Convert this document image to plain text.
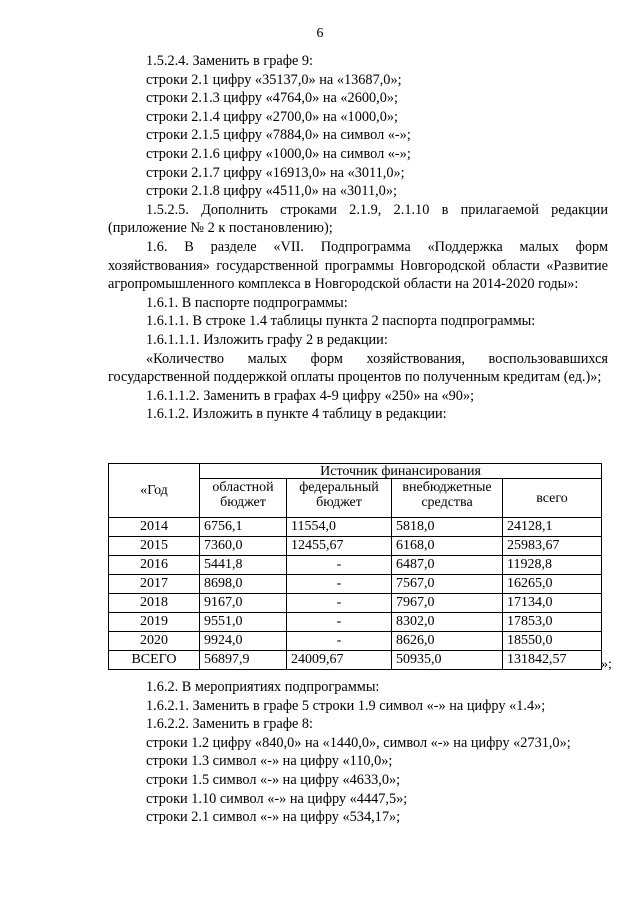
6

1.5.2.4. Заменить в графе 9:

строки 2.1 цифру «35137,0» на «13687,0»;

строки 2.1.3 цифру «4764,0» на «2600,0»;

строки 2.1.4 цифру «2700,0» на «1000,0»;

строки 2.1.5 цифру «7884,0» на символ «-»;

строки 2.1.6 цифру «1000,0» на символ «-»;

строки 2.1.7 цифру «16913,0» на «3011,0»;

строки 2.1.8 цифру «4511,0» на «3011,0»;

1.5.2.5. Дополнить строками 2.1.9, 2.1.10 в прилагаемой редакции (приложение № 2 к постановлению);

1.6. В разделе «VII. Подпрограмма «Поддержка малых форм хозяйствования» государственной программы Новгородской области «Развитие агропромышленного комплекса в Новгородской области на 2014-2020 годы»:

1.6.1. В паспорте подпрограммы:

1.6.1.1. В строке 1.4 таблицы пункта 2 паспорта подпрограммы:

1.6.1.1.1. Изложить графу 2 в редакции:

«Количество малых форм хозяйствования, воспользовавшихся государственной поддержкой оплаты процентов по полученным кредитам (ед.)»;

1.6.1.1.2. Заменить в графах 4-9 цифру «250» на «90»;

1.6.1.2. Изложить в пункте 4 таблицу в редакции:

«Год	Источник финансирования			
	областной бюджет	федеральный бюджет	внебюджетные средства	всего
2014	6756,1	11554,0	5818,0	24128,1
2015	7360,0	12455,67	6168,0	25983,67
2016	5441,8	-	6487,0	11928,8
2017	8698,0	-	7567,0	16265,0
2018	9167,0	-	7967,0	17134,0
2019	9551,0	-	8302,0	17853,0
2020	9924,0	-	8626,0	18550,0
ВСЕГО	56897,9	24009,67	50935,0	131842,57 »;

1.6.2. В мероприятиях подпрограммы:

1.6.2.1. Заменить в графе 5 строки 1.9 символ «-» на цифру «1.4»;

1.6.2.2. Заменить в графе 8:

строки 1.2 цифру «840,0» на «1440,0», символ «-» на цифру «2731,0»;

строки 1.3 символ «-» на цифру «110,0»;

строки 1.5 символ «-» на цифру «4633,0»;

строки 1.10 символ «-» на цифру «4447,5»;

строки 2.1 символ «-» на цифру «534,17»;
